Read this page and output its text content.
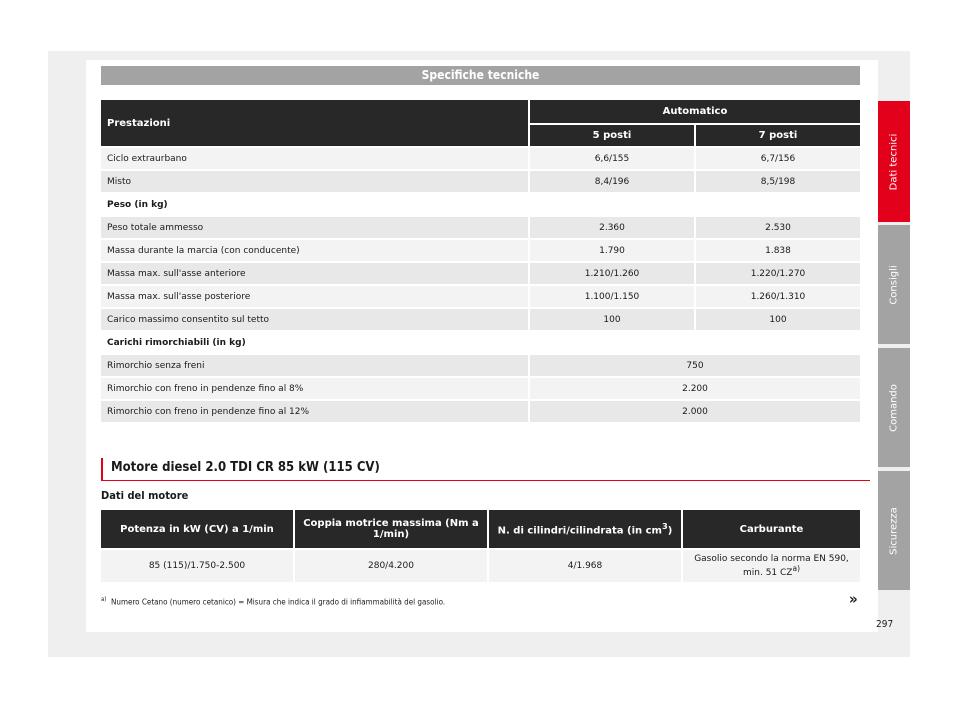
Specifiche tecniche
Prestazioni	Automatico	
	5 posti	7 posti
Ciclo extraurbano	6,6/155	6,7/156
Misto	8,4/196	8,5/198
Peso (in kg)		
Peso totale ammesso	2.360	2.530
Massa durante la marcia (con conducente)	1.790	1.838
Massa max. sull'asse anteriore	1.210/1.260	1.220/1.270
Massa max. sull'asse posteriore	1.100/1.150	1.260/1.310
Carico massimo consentito sul tetto	100	100
Carichi rimorchiabili (in kg)		
Rimorchio senza freni	750	
Rimorchio con freno in pendenze fino al 8%	2.200	
Rimorchio con freno in pendenze fino al 12%	2.000	
Motore diesel 2.0 TDI CR 85 kW (115 CV)
Dati del motore
Potenza in kW (CV) a 1/min	Coppia motrice massima (Nm a 1/min)	N. di cilindri/cilindrata (in $cm^3$)	Carburante
85 (115)/1.750-2.500	280/4.200	4/1.968	Gasolio secondo la norma EN 590, min. 51 CZ$^{a)}$
$^{a)}$ Numero Cetano (numero cetanico) = Misura che indica il grado di infiammabilità del gasolio.	»
Dati tecnici
Consigli
Comando
Sicurezza
297
